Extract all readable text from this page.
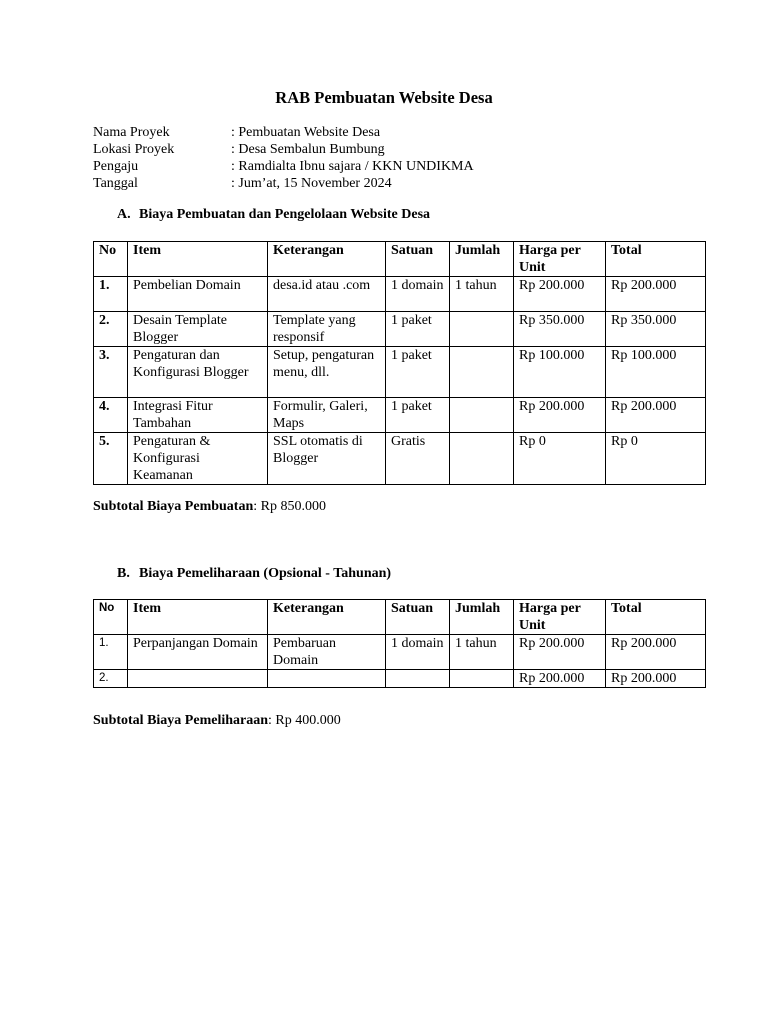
RAB Pembuatan Website Desa
Nama Proyek	: Pembuatan Website Desa
Lokasi Proyek	: Desa Sembalun Bumbung
Pengaju	: Ramdialta Ibnu sajara / KKN UNDIKMA
Tanggal	: Jum’at, 15 November 2024
A. Biaya Pembuatan dan Pengelolaan Website Desa
No	Item	Keterangan	Satuan	Jumlah	Harga per Unit	Total
1.	Pembelian Domain	desa.id atau .com	1 domain	1 tahun	Rp 200.000	Rp 200.000
2.	Desain Template Blogger	Template yang responsif	1 paket		Rp 350.000	Rp 350.000
3.	Pengaturan dan Konfigurasi Blogger	Setup, pengaturan menu, dll.	1 paket		Rp 100.000	Rp 100.000
4.	Integrasi Fitur Tambahan	Formulir, Galeri, Maps	1 paket		Rp 200.000	Rp 200.000
5.	Pengaturan & Konfigurasi Keamanan	SSL otomatis di Blogger	Gratis		Rp 0	Rp 0
Subtotal Biaya Pembuatan: Rp 850.000
B. Biaya Pemeliharaan (Opsional - Tahunan)
No	Item	Keterangan	Satuan	Jumlah	Harga per Unit	Total
1.	Perpanjangan Domain	Pembaruan Domain	1 domain	1 tahun	Rp 200.000	Rp 200.000
2.					Rp 200.000	Rp 200.000
Subtotal Biaya Pemeliharaan: Rp 400.000
